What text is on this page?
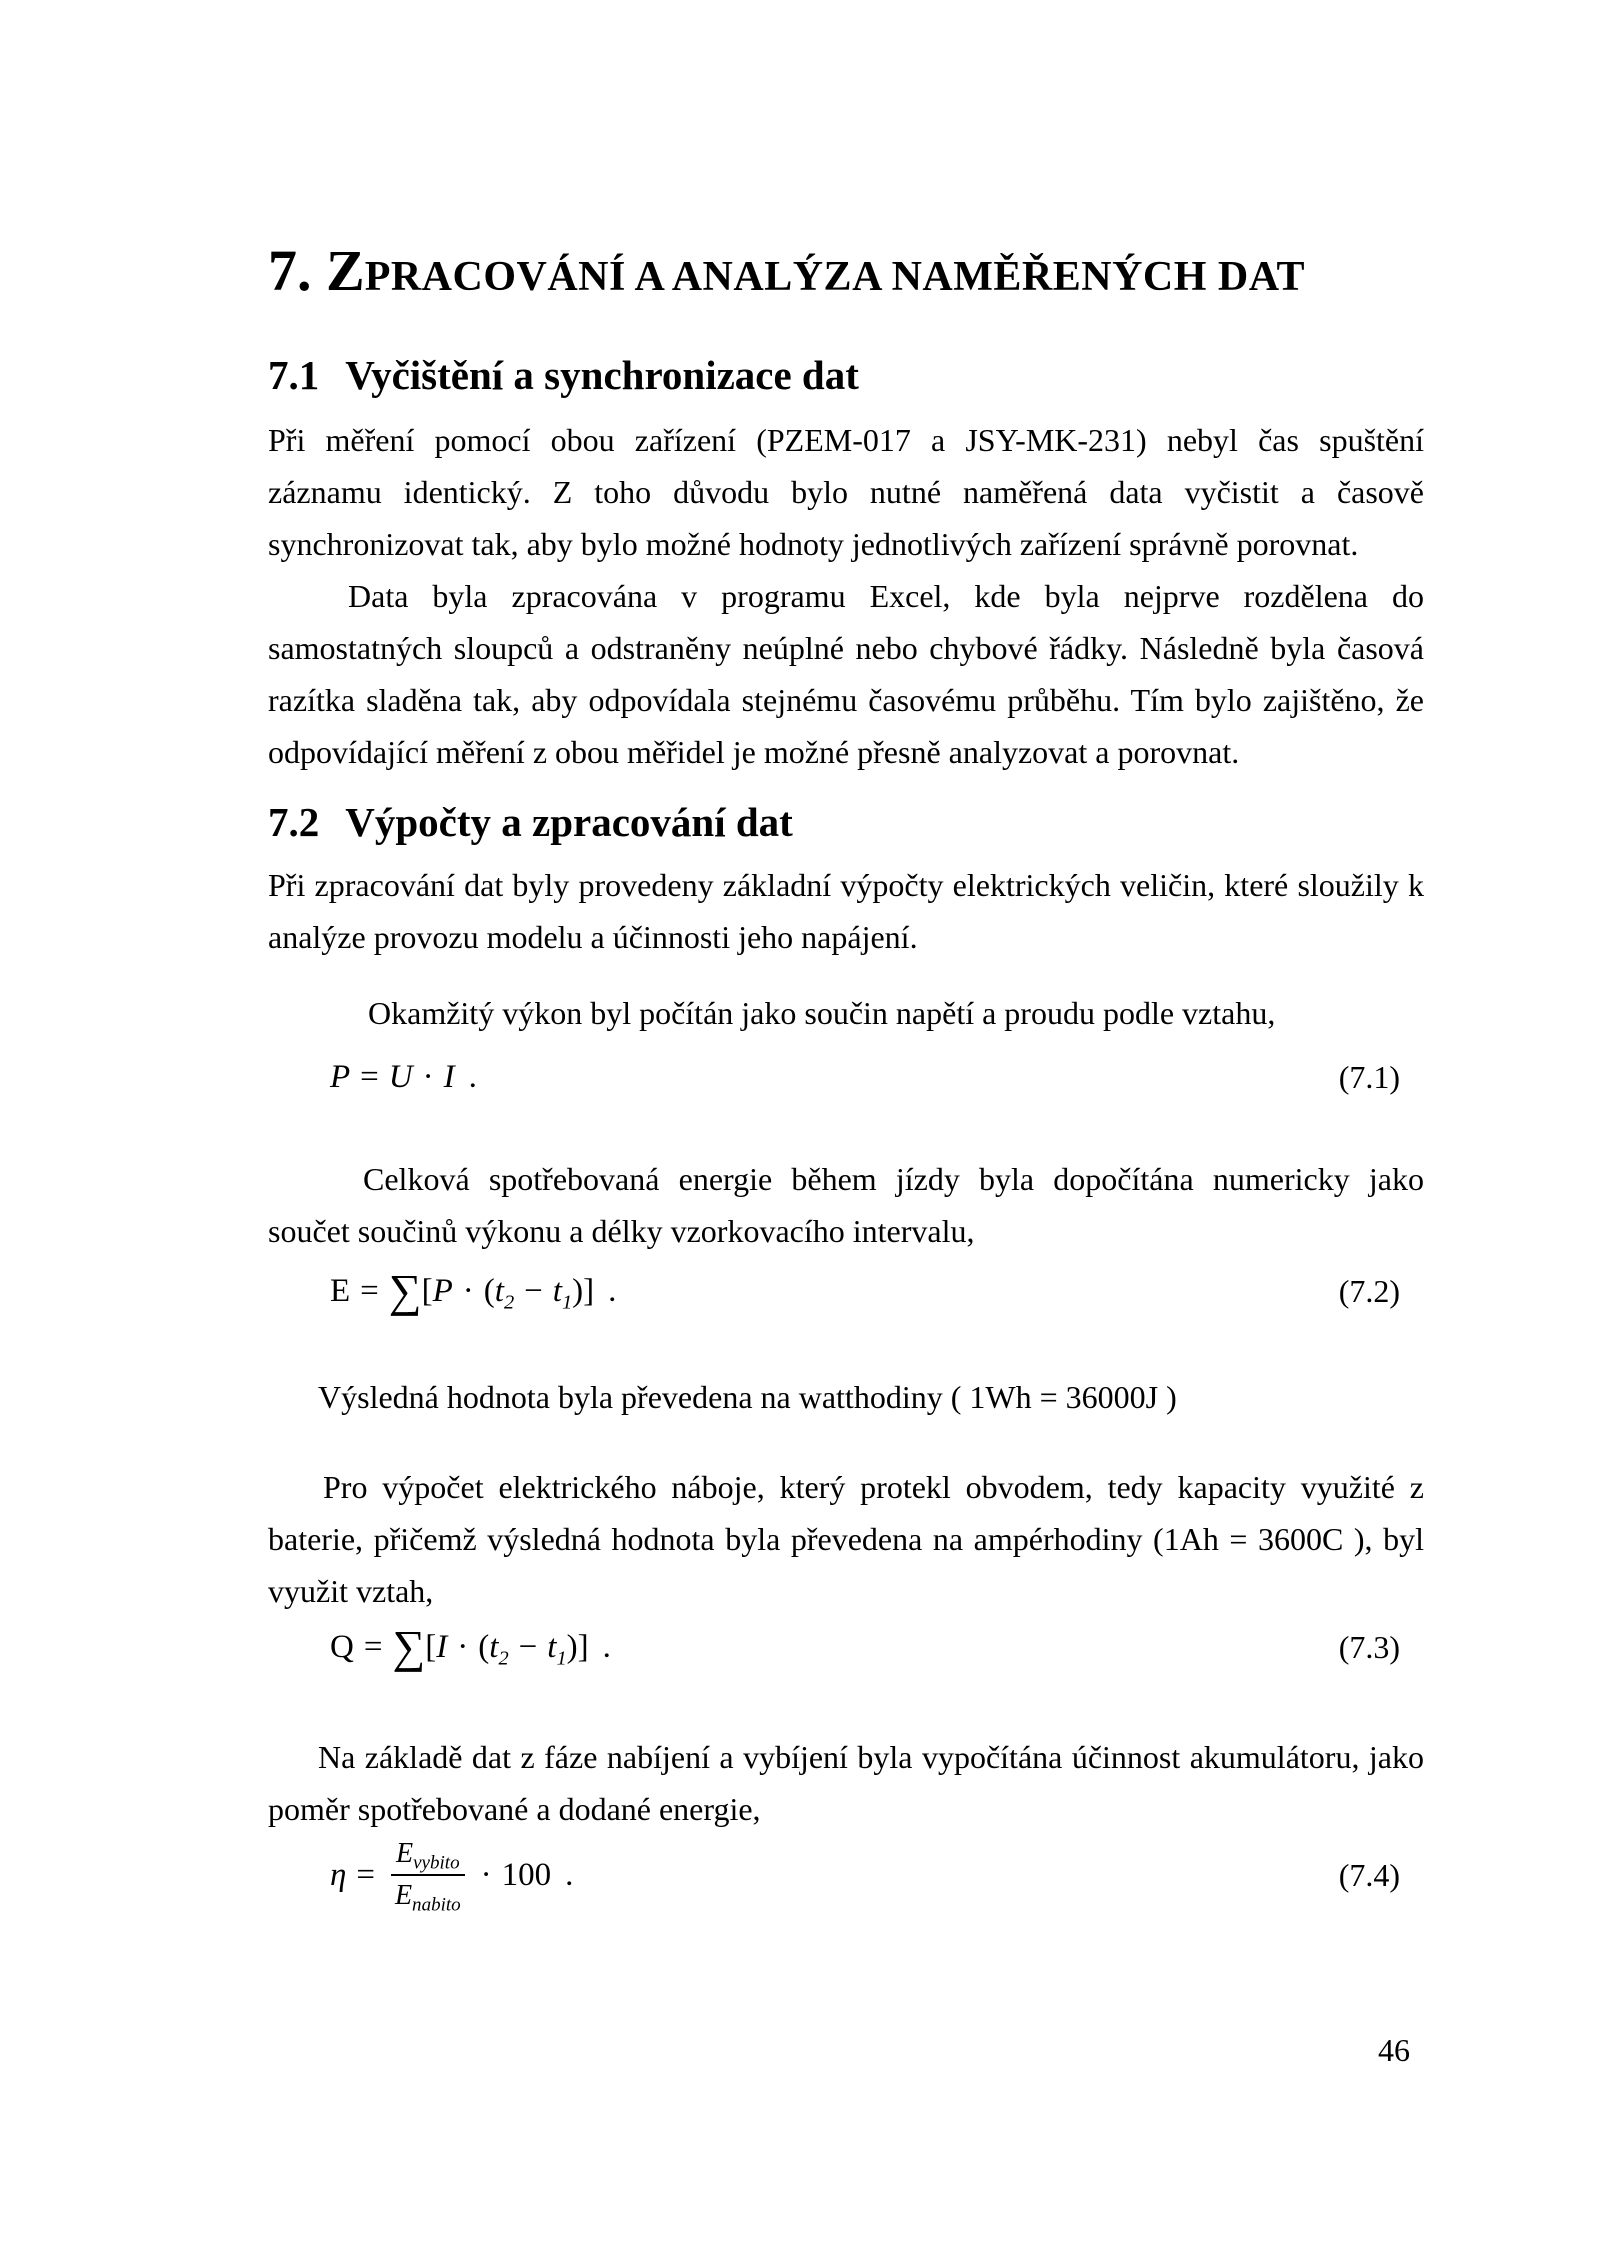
7. ZPRACOVÁNÍ A ANALÝZA NAMĚŘENÝCH DAT
7.1 Vyčištění a synchronizace dat

Při měření pomocí obou zařízení (PZEM-017 a JSY-MK-231) nebyl čas spuštění záznamu identický. Z toho důvodu bylo nutné naměřená data vyčistit a časově synchronizovat tak, aby bylo možné hodnoty jednotlivých zařízení správně porovnat.

Data byla zpracována v programu Excel, kde byla nejprve rozdělena do samostatných sloupců a odstraněny neúplné nebo chybové řádky. Následně byla časová razítka sladěna tak, aby odpovídala stejnému časovému průběhu. Tím bylo zajištěno, že odpovídající měření z obou měřidel je možné přesně analyzovat a porovnat.

7.2 Výpočty a zpracování dat

Při zpracování dat byly provedeny základní výpočty elektrických veličin, které sloužily k analýze provozu modelu a účinnosti jeho napájení.

Okamžitý výkon byl počítán jako součin napětí a proudu podle vztahu,

P = U · I .	(7.1)

Celková spotřebovaná energie během jízdy byla dopočítána numericky jako součet součinů výkonu a délky vzorkovacího intervalu,

E = ∑ [ P · ( $t_2 - t_1$ )] .	(7.2)

Výsledná hodnota byla převedena na watthodiny ( 1Wh = 36000J )

Pro výpočet elektrického náboje, který protekl obvodem, tedy kapacity využité z baterie, přičemž výsledná hodnota byla převedena na ampérhodiny (1Ah = 3600C ), byl využit vztah,

Q = ∑ [ I · ( $t_2 - t_1$ )] .	(7.3)

Na základě dat z fáze nabíjení a vybíjení byla vypočítána účinnost akumulátoru, jako poměr spotřebované a dodané energie,

η =
$E_{vybito}$
$E_{nabito}$
· 100 .	(7.4)
46
